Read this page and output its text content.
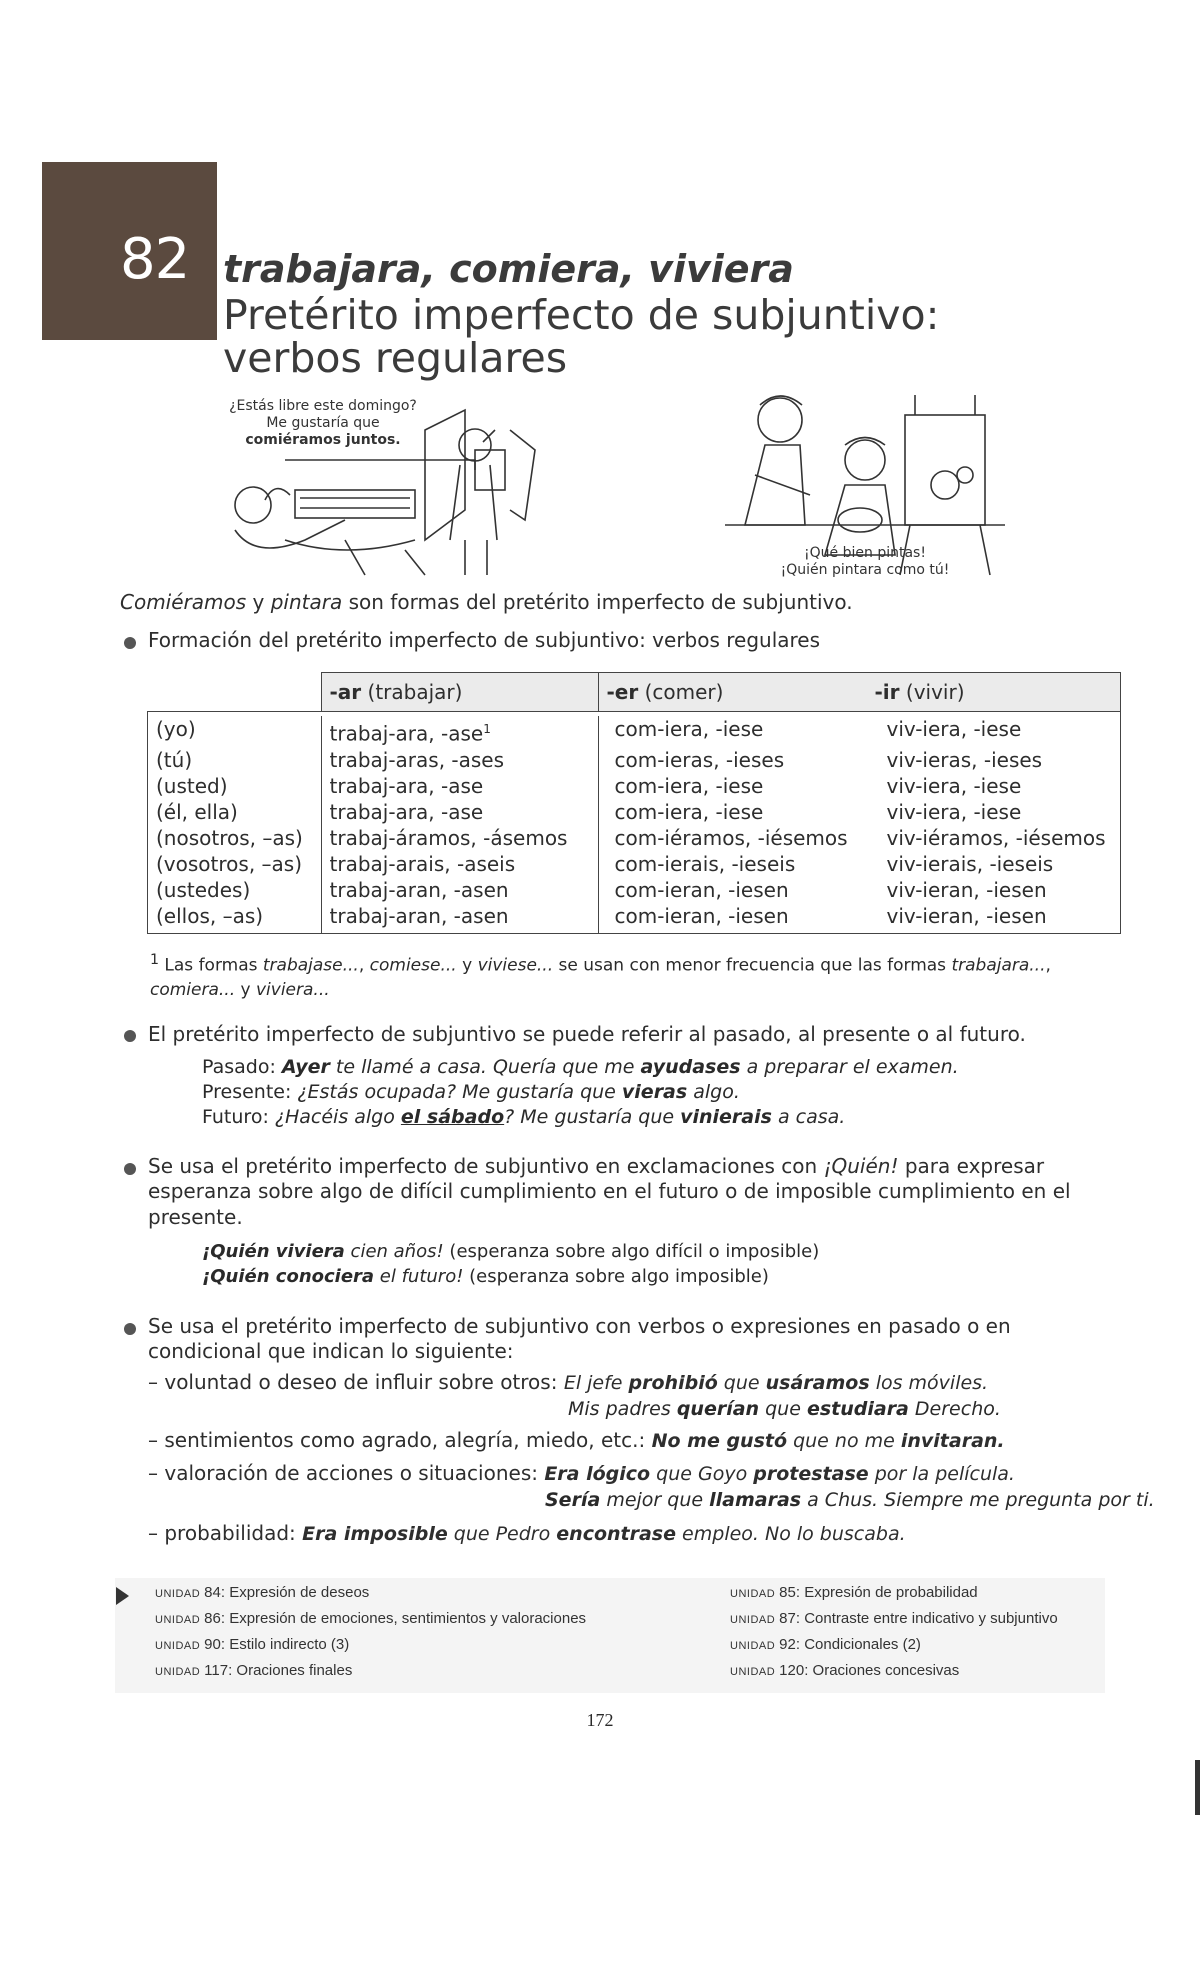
82 trabajara, comiera, viviera
Pretérito imperfecto de subjuntivo:
verbos regulares
¿Estás libre este domingo?
Me gustaría que
comiéramos juntos.
¡Qué bien pintas!
¡Quién pintara como tú!
Comiéramos y pintara son formas del pretérito imperfecto de subjuntivo.
Formación del pretérito imperfecto de subjuntivo: verbos regulares
	-ar (trabajar)	-er (comer)	-ir (vivir)

(yo)	trabaj-ara, -ase$^1$	com-iera, -iese	viv-iera, -iese
(tú)	trabaj-aras, -ases	com-ieras, -ieses	viv-ieras, -ieses
(usted)	trabaj-ara, -ase	com-iera, -iese	viv-iera, -iese
(él, ella)	trabaj-ara, -ase	com-iera, -iese	viv-iera, -iese
(nosotros, –as)	trabaj-áramos, -ásemos	com-iéramos, -iésemos	viv-iéramos, -iésemos
(vosotros, –as)	trabaj-arais, -aseis	com-ierais, -ieseis	viv-ierais, -ieseis
(ustedes)	trabaj-aran, -asen	com-ieran, -iesen	viv-ieran, -iesen
(ellos, –as)	trabaj-aran, -asen	com-ieran, -iesen	viv-ieran, -iesen
$^1$ Las formas trabajase..., comiese... y viviese... se usan con menor frecuencia que las formas trabajara..., comiera... y viviera...
El pretérito imperfecto de subjuntivo se puede referir al pasado, al presente o al futuro.
Pasado: Ayer te llamé a casa. Quería que me ayudases a preparar el examen.
Presente: ¿Estás ocupada? Me gustaría que vieras algo.
Futuro: ¿Hacéis algo el sábado? Me gustaría que vinierais a casa.
Se usa el pretérito imperfecto de subjuntivo en exclamaciones con ¡Quién! para expresar esperanza sobre algo de difícil cumplimiento en el futuro o de imposible cumplimiento en el presente.
¡Quién viviera cien años! (esperanza sobre algo difícil o imposible)
¡Quién conociera el futuro! (esperanza sobre algo imposible)
Se usa el pretérito imperfecto de subjuntivo con verbos o expresiones en pasado o en condicional que indican lo siguiente:
– voluntad o deseo de influir sobre otros: El jefe prohibió que usáramos los móviles.
Mis padres querían que estudiara Derecho.
– sentimientos como agrado, alegría, miedo, etc.: No me gustó que no me invitaran.
– valoración de acciones o situaciones: Era lógico que Goyo protestase por la película.
Sería mejor que llamaras a Chus. Siempre me pregunta por ti.
– probabilidad: Era imposible que Pedro encontrase empleo. No lo buscaba.
UNIDAD 84: Expresión de deseos
UNIDAD 86: Expresión de emociones, sentimientos y valoraciones
UNIDAD 90: Estilo indirecto (3)
UNIDAD 117: Oraciones finales
UNIDAD 85: Expresión de probabilidad
UNIDAD 87: Contraste entre indicativo y subjuntivo
UNIDAD 92: Condicionales (2)
UNIDAD 120: Oraciones concesivas
172
